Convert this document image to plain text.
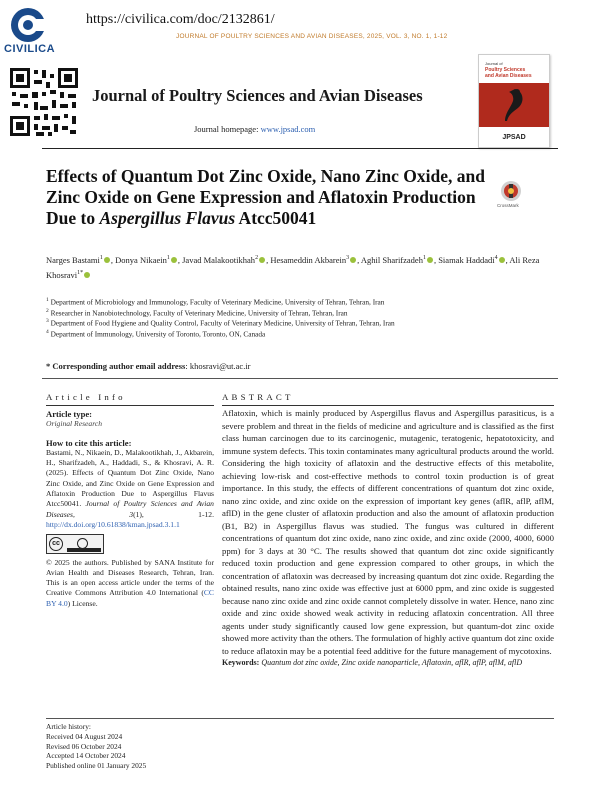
CIVILICA
https://civilica.com/doc/2132861/
JOURNAL OF POULTRY SCIENCES AND AVIAN DISEASES, 2025, VOL. 3, NO. 1, 1-12
Journal of Poultry Sciences and Avian Diseases
Journal homepage: www.jpsad.com
Journal of
Poultry Sciences
and Avian Diseases
JPSAD
Effects of Quantum Dot Zinc Oxide, Nano Zinc Oxide, and Zinc Oxide on Gene Expression and Aflatoxin Production Due to Aspergillus Flavus Atcc50041
CrossMark
Narges Bastami$^1$ , Donya Nikaein$^1$ , Javad Malakootikhah$^2$ , Hesameddin Akbarein$^3$ , Aghil Sharifzadeh$^1$ , Siamak Haddadi$^4$ , Ali Reza Khosravi$^{1*}$
$^1$ Department of Microbiology and Immunology, Faculty of Veterinary Medicine, University of Tehran, Tehran, Iran
$^2$ Researcher in Nanobiotechnology, Faculty of Veterinary Medicine, University of Tehran, Tehran, Iran
$^3$ Department of Food Hygiene and Quality Control, Faculty of Veterinary Medicine, University of Tehran, Tehran, Iran
$^4$ Department of Immunology, University of Toronto, Toronto, ON, Canada
* Corresponding author email address: khosravi@ut.ac.ir
Article Info	ABSTRACT
Article type:
Original Research
How to cite this article:

Bastami, N., Nikaein, D., Malakootikhah, J., Akbarein, H., Sharifzadeh, A., Haddadi, S., & Khosravi, A. R. (2025). Effects of Quantum Dot Zinc Oxide, Nano Zinc Oxide, and Zinc Oxide on Gene Expression and Aflatoxin Production Due to Aspergillus Flavus Atcc50041. Journal of Poultry Sciences and Avian Diseases, 3(1), 1-12. http://dx.doi.org/10.61838/kman.jpsad.3.1.1

cc

© 2025 the authors. Published by SANA Institute for Avian Health and Diseases Research, Tehran, Iran. This is an open access article under the terms of the Creative Commons Attribution 4.0 International (CC BY 4.0) License.

Aflatoxin, which is mainly produced by Aspergillus flavus and Aspergillus parasiticus, is a severe problem and threat in the fields of medicine and agriculture and is classified as the first class human carcinogen due to its carcinogenic, mutagenic, teratogenic, hepatotoxicity, and immune system defects. This toxin contaminates many agricultural products around the world. Considering the high toxicity of aflatoxin and the destructive effects of this metabolite, achieving low-risk and cost-effective methods to control toxin production is of great importance. In this study, the effects of different concentrations of quantum dot zinc oxide, nano zinc oxide, and zinc oxide on the expression of important key genes (aflR, aflP, aflM, aflD) in the gene cluster of aflatoxin production and also the amount of aflatoxin production (B1, B2) in Aspergillus flavus was studied. The fungus was cultured in different concentrations of quantum dot zinc oxide, nano zinc oxide, and zinc oxide (2000, 4000, 6000 ppm) for 3 days at 30 °C. The results showed that quantum dot zinc oxide significantly reduced toxin production and gene expression compared to other groups, in which the concentration of aflatoxin was decreased by increasing quantum dot zinc oxide. Regarding the obtained results, nano zinc oxide was effective just at 6000 ppm, and zinc oxide is suggested because nano zinc oxide and zinc oxide cannot completely dissolve in water. Hence, nano zinc oxide and zinc oxide showed weak activity in reducing aflatoxin concentration. All three agents under study significantly caused low gene expression, but quantum-dot zinc oxide showed more activity than the others. The formulation of highly active quantum dot zinc oxide to reduce aflatoxin may be a potential feed additive for the future management of mycotoxins.

Keywords: Quantum dot zinc oxide, Zinc oxide nanoparticle, Aflatoxin, aflR, aflP, aflM, aflD

Article history:
Received 04 August 2024
Revised 06 October 2024
Accepted 14 October 2024
Published online 01 January 2025
